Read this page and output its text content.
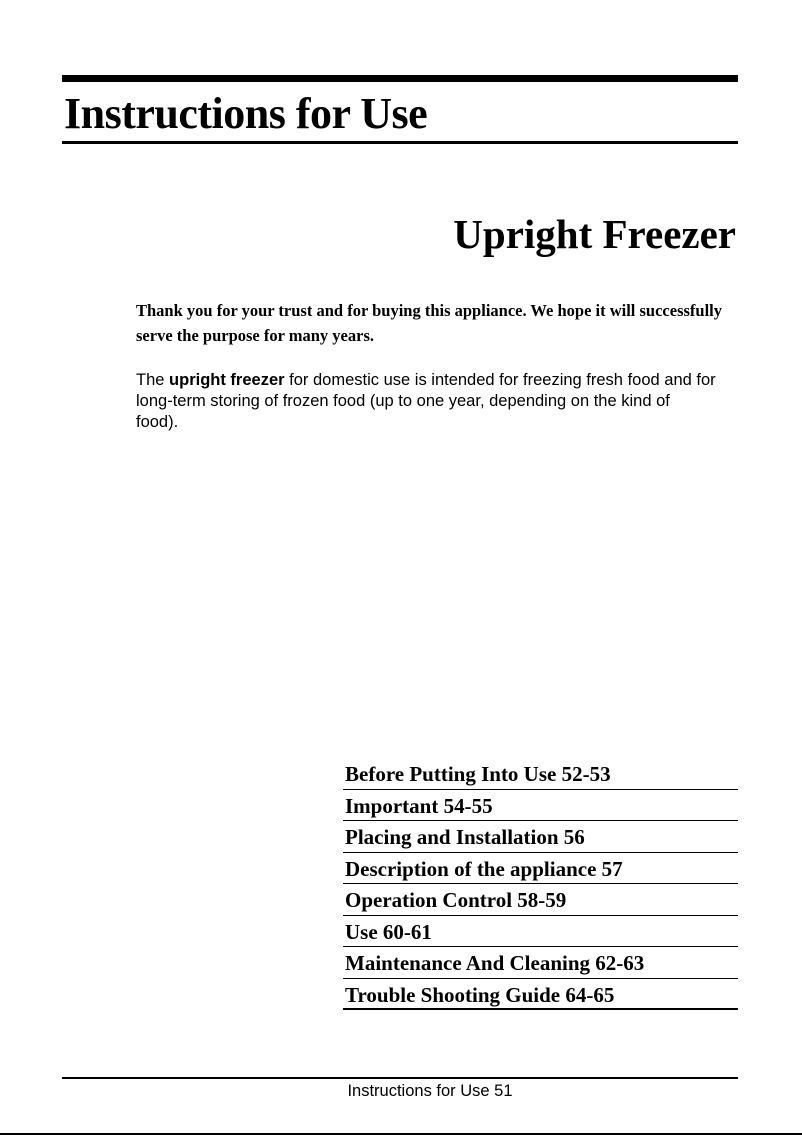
Instructions for Use
Upright Freezer

Thank you for your trust and for buying this appliance. We hope it will successfully serve the purpose for many years.

The upright freezer for domestic use is intended for freezing fresh food and for long-term storing of frozen food (up to one year, depending on the kind of food).

Before Putting Into Use 52-53
Important 54-55
Placing and Installation 56
Description of the appliance 57
Operation Control 58-59
Use 60-61
Maintenance And Cleaning 62-63
Trouble Shooting Guide 64-65

Instructions for Use 51
